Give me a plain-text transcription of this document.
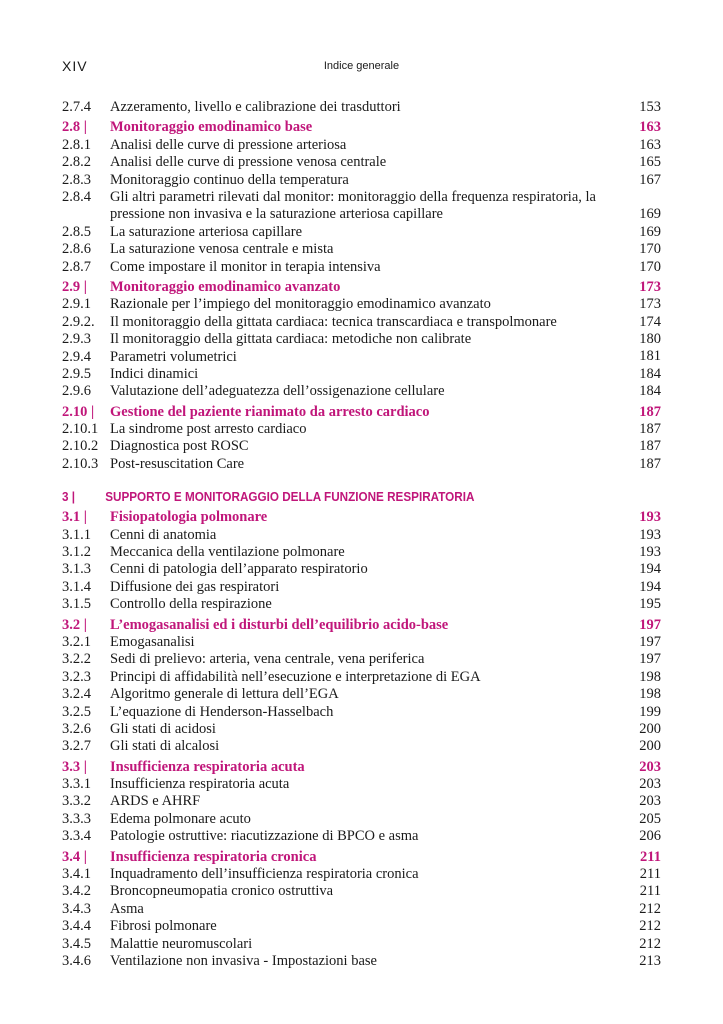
XIV	Indice generale
2.7.4 Azzeramento, livello e calibrazione dei trasduttori	153
2.8 | Monitoraggio emodinamico base	163
2.8.1 Analisi delle curve di pressione arteriosa	163
2.8.2 Analisi delle curve di pressione venosa centrale	165
2.8.3 Monitoraggio continuo della temperatura	167
2.8.4 Gli altri parametri rilevati dal monitor: monitoraggio della frequenza respiratoria, la pressione non invasiva e la saturazione arteriosa capillare	169
2.8.5 La saturazione arteriosa capillare	169
2.8.6 La saturazione venosa centrale e mista	170
2.8.7 Come impostare il monitor in terapia intensiva	170
2.9 | Monitoraggio emodinamico avanzato	173
2.9.1 Razionale per l’impiego del monitoraggio emodinamico avanzato	173
2.9.2. Il monitoraggio della gittata cardiaca: tecnica transcardiaca e transpolmonare	174
2.9.3 Il monitoraggio della gittata cardiaca: metodiche non calibrate	180
2.9.4 Parametri volumetrici	181
2.9.5 Indici dinamici	184
2.9.6 Valutazione dell’adeguatezza dell’ossigenazione cellulare	184
2.10 | Gestione del paziente rianimato da arresto cardiaco	187
2.10.1 La sindrome post arresto cardiaco	187
2.10.2 Diagnostica post ROSC	187
2.10.3 Post-resuscitation Care	187
3 | SUPPORTO E MONITORAGGIO DELLA FUNZIONE RESPIRATORIA
3.1 | Fisiopatologia polmonare	193
3.1.1 Cenni di anatomia	193
3.1.2 Meccanica della ventilazione polmonare	193
3.1.3 Cenni di patologia dell’apparato respiratorio	194
3.1.4 Diffusione dei gas respiratori	194
3.1.5 Controllo della respirazione	195
3.2 | L’emogasanalisi ed i disturbi dell’equilibrio acido-base	197
3.2.1 Emogasanalisi	197
3.2.2 Sedi di prelievo: arteria, vena centrale, vena periferica	197
3.2.3 Principi di affidabilità nell’esecuzione e interpretazione di EGA	198
3.2.4 Algoritmo generale di lettura dell’EGA	198
3.2.5 L’equazione di Henderson-Hasselbach	199
3.2.6 Gli stati di acidosi	200
3.2.7 Gli stati di alcalosi	200
3.3 | Insufficienza respiratoria acuta	203
3.3.1 Insufficienza respiratoria acuta	203
3.3.2 ARDS e AHRF	203
3.3.3 Edema polmonare acuto	205
3.3.4 Patologie ostruttive: riacutizzazione di BPCO e asma	206
3.4 | Insufficienza respiratoria cronica	211
3.4.1 Inquadramento dell’insufficienza respiratoria cronica	211
3.4.2 Broncopneumopatia cronico ostruttiva	211
3.4.3 Asma	212
3.4.4 Fibrosi polmonare	212
3.4.5 Malattie neuromuscolari	212
3.4.6 Ventilazione non invasiva - Impostazioni base	213
